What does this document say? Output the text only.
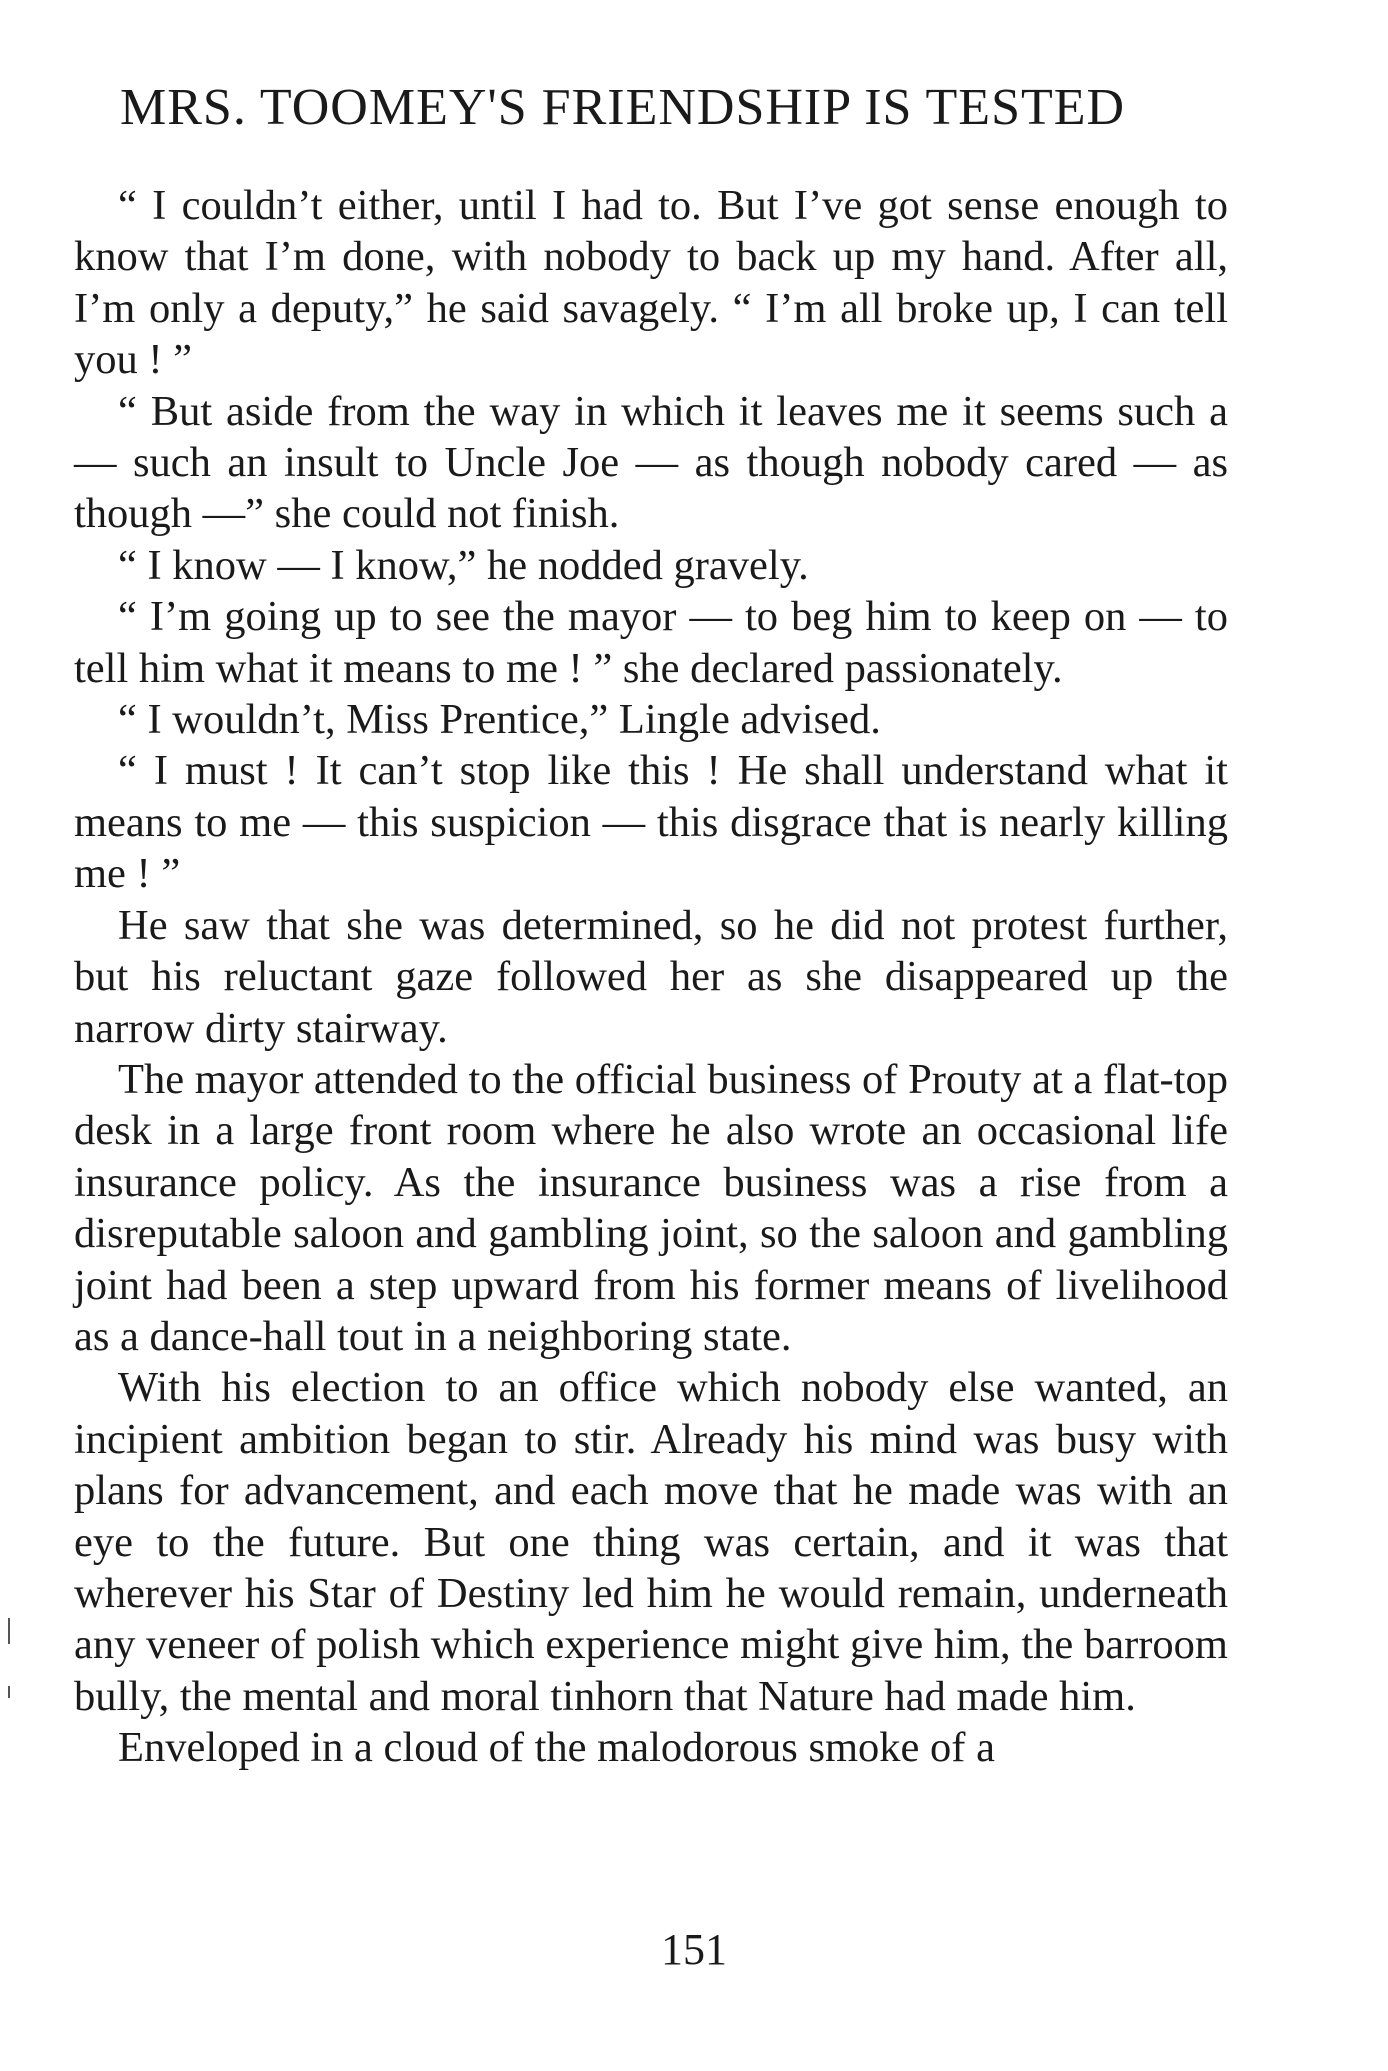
MRS. TOOMEY'S FRIENDSHIP IS TESTED

“ I couldn’t either, until I had to. But I’ve got sense enough to know that I’m done, with nobody to back up my hand. After all, I’m only a deputy,” he said savagely. “ I’m all broke up, I can tell you ! ”

“ But aside from the way in which it leaves me it seems such a — such an insult to Uncle Joe — as though nobody cared — as though —” she could not finish.

“ I know — I know,” he nodded gravely.

“ I’m going up to see the mayor — to beg him to keep on — to tell him what it means to me ! ” she declared passionately.

“ I wouldn’t, Miss Prentice,” Lingle advised.

“ I must ! It can’t stop like this ! He shall understand what it means to me — this suspicion — this disgrace that is nearly killing me ! ”

He saw that she was determined, so he did not protest further, but his reluctant gaze followed her as she disappeared up the narrow dirty stairway.

The mayor attended to the official business of Prouty at a flat-top desk in a large front room where he also wrote an occasional life insurance policy. As the insurance business was a rise from a disreputable saloon and gambling joint, so the saloon and gambling joint had been a step upward from his former means of livelihood as a dance-hall tout in a neighboring state.

With his election to an office which nobody else wanted, an incipient ambition began to stir. Already his mind was busy with plans for advancement, and each move that he made was with an eye to the future. But one thing was certain, and it was that wherever his Star of Destiny led him he would remain, underneath any veneer of polish which experience might give him, the barroom bully, the mental and moral tinhorn that Nature had made him.

Enveloped in a cloud of the malodorous smoke of a

151
